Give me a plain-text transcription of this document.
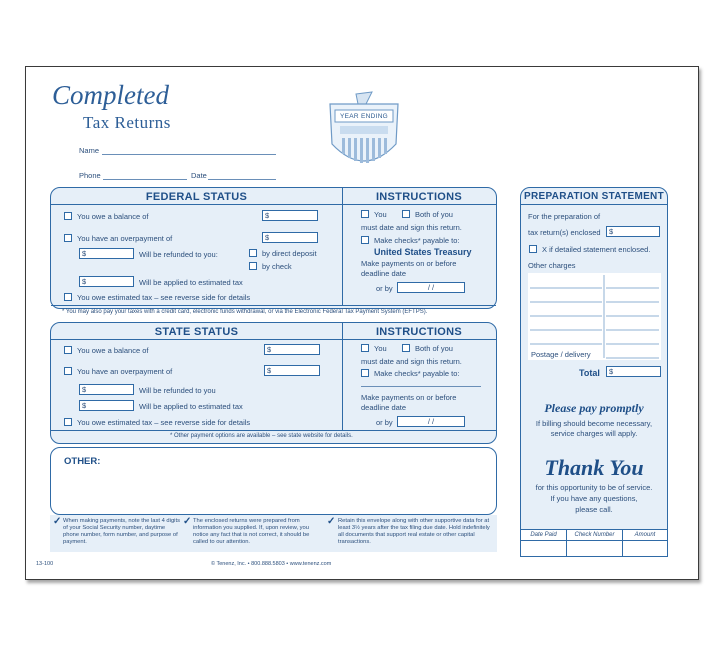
Completed
Tax Returns
Name
Phone	Date
YEAR ENDING
FEDERAL STATUS	INSTRUCTIONS
You owe a balance of	$
You have an overpayment of	$
$	Will be refunded to you:	by direct deposit
by check
$	Will be applied to estimated tax
You owe estimated tax – see reverse side for details
* You may also pay your taxes with a credit card, electronic funds withdrawal, or via the Electronic Federal Tax Payment System (EFTPS).
You	Both of you
must date and sign this return.
Make checks* payable to:
United States Treasury
Make payments on or before
deadline date
or by	/ /
STATE STATUS	INSTRUCTIONS
You owe a balance of	$
You have an overpayment of	$
$	Will be refunded to you
$	Will be applied to estimated tax
You owe estimated tax – see reverse side for details
* Other payment options are available – see state website for details.
You	Both of you
must date and sign this return.
Make checks* payable to:
Make payments on or before
deadline date
or by	/ /
OTHER:
✓ When making payments, note the last 4 digits of your Social Security number, daytime phone number, form number, and purpose of payment.
✓ The enclosed returns were prepared from information you supplied. If, upon review, you notice any fact that is not correct, it should be called to our attention.
✓ Retain this envelope along with other supportive data for at least 3½ years after the tax filing due date. Hold indefinitely all documents that support real estate or other capital transactions.
13-100	© Tenenz, Inc. • 800.888.5803 • www.tenenz.com
PREPARATION STATEMENT
For the preparation of
tax return(s) enclosed	$
X if detailed statement enclosed.
Other charges
Postage / delivery
Total	$
Please pay promptly
If billing should become necessary,
service charges will apply.
Thank You
for this opportunity to be of service.
If you have any questions,
please call.
Date Paid	Check Number	Amount
